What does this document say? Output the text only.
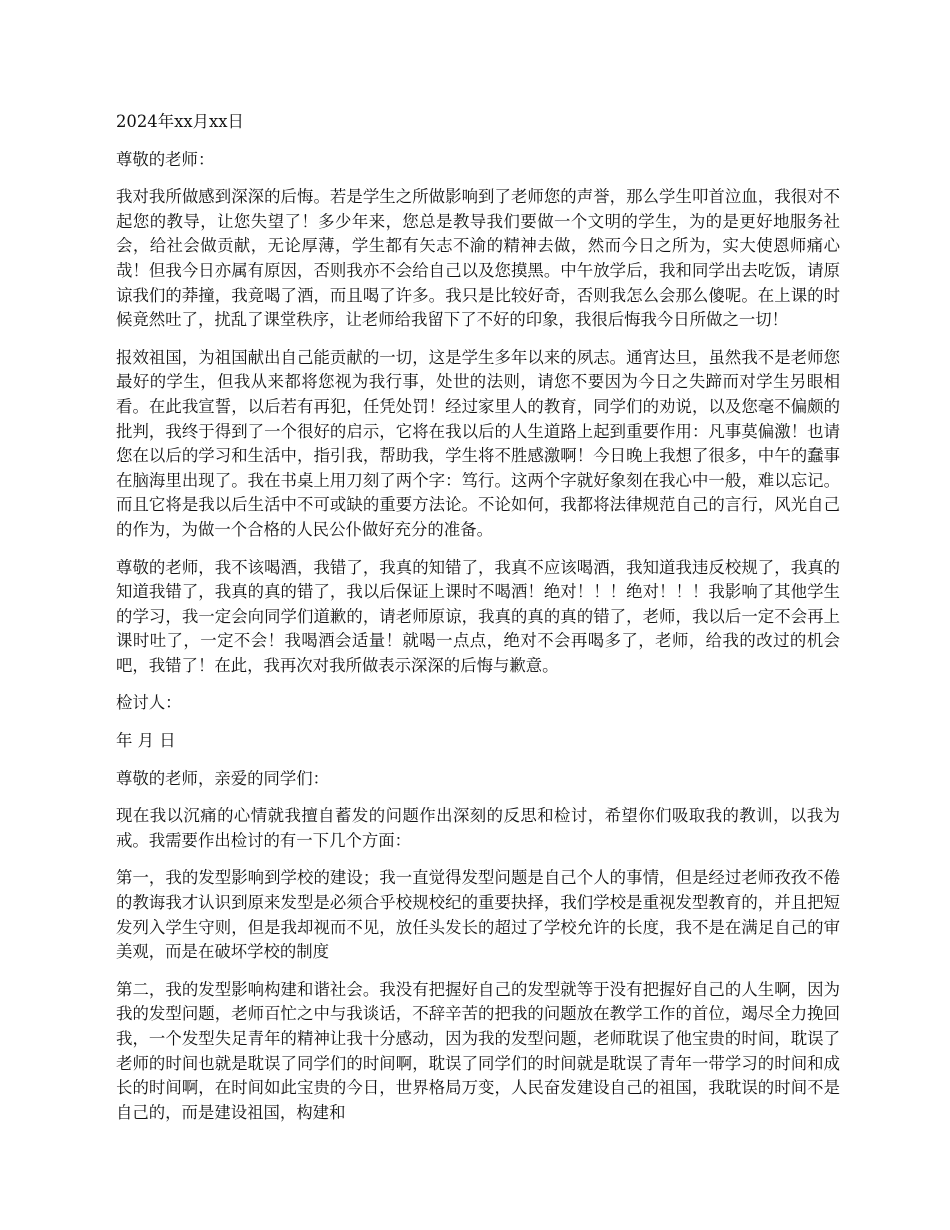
2024年xx月xx日

尊敬的老师：

我对我所做感到深深的后悔。若是学生之所做影响到了老师您的声誉，那么学生叩首泣血，我很对不起您的教导，让您失望了！多少年来，您总是教导我们要做一个文明的学生，为的是更好地服务社会，给社会做贡献，无论厚薄，学生都有矢志不渝的精神去做，然而今日之所为，实大使恩师痛心哉！但我今日亦属有原因，否则我亦不会给自己以及您摸黑。中午放学后，我和同学出去吃饭，请原谅我们的莽撞，我竟喝了酒，而且喝了许多。我只是比较好奇，否则我怎么会那么傻呢。在上课的时候竟然吐了，扰乱了课堂秩序，让老师给我留下了不好的印象，我很后悔我今日所做之一切！

报效祖国，为祖国献出自己能贡献的一切，这是学生多年以来的夙志。通宵达旦，虽然我不是老师您最好的学生，但我从来都将您视为我行事，处世的法则，请您不要因为今日之失蹄而对学生另眼相看。在此我宣誓，以后若有再犯，任凭处罚！经过家里人的教育，同学们的劝说，以及您毫不偏颇的批判，我终于得到了一个很好的启示，它将在我以后的人生道路上起到重要作用：凡事莫偏激！也请您在以后的学习和生活中，指引我，帮助我，学生将不胜感激啊！今日晚上我想了很多，中午的蠢事在脑海里出现了。我在书桌上用刀刻了两个字：笃行。这两个字就好象刻在我心中一般，难以忘记。而且它将是我以后生活中不可或缺的重要方法论。不论如何，我都将法律规范自己的言行，风光自己的作为，为做一个合格的人民公仆做好充分的准备。

尊敬的老师，我不该喝酒，我错了，我真的知错了，我真不应该喝酒，我知道我违反校规了，我真的知道我错了，我真的真的错了，我以后保证上课时不喝酒！绝对！！！绝对！！！我影响了其他学生的学习，我一定会向同学们道歉的，请老师原谅，我真的真的真的错了，老师，我以后一定不会再上课时吐了，一定不会！我喝酒会适量！就喝一点点，绝对不会再喝多了，老师，给我的改过的机会吧，我错了！在此，我再次对我所做表示深深的后悔与歉意。

检讨人：

年 月 日

尊敬的老师，亲爱的同学们：

现在我以沉痛的心情就我擅自蓄发的问题作出深刻的反思和检讨，希望你们吸取我的教训，以我为戒。我需要作出检讨的有一下几个方面：

第一，我的发型影响到学校的建设；我一直觉得发型问题是自己个人的事情，但是经过老师孜孜不倦的教诲我才认识到原来发型是必须合乎校规校纪的重要抉择，我们学校是重视发型教育的，并且把短发列入学生守则，但是我却视而不见，放任头发长的超过了学校允许的长度，我不是在满足自己的审美观，而是在破坏学校的制度

第二，我的发型影响构建和谐社会。我没有把握好自己的发型就等于没有把握好自己的人生啊，因为我的发型问题，老师百忙之中与我谈话，不辞辛苦的把我的问题放在教学工作的首位，竭尽全力挽回我，一个发型失足青年的精神让我十分感动，因为我的发型问题，老师耽误了他宝贵的时间，耽误了老师的时间也就是耽误了同学们的时间啊，耽误了同学们的时间就是耽误了青年一带学习的时间和成长的时间啊，在时间如此宝贵的今日，世界格局万变，人民奋发建设自己的祖国，我耽误的时间不是自己的，而是建设祖国，构建和
